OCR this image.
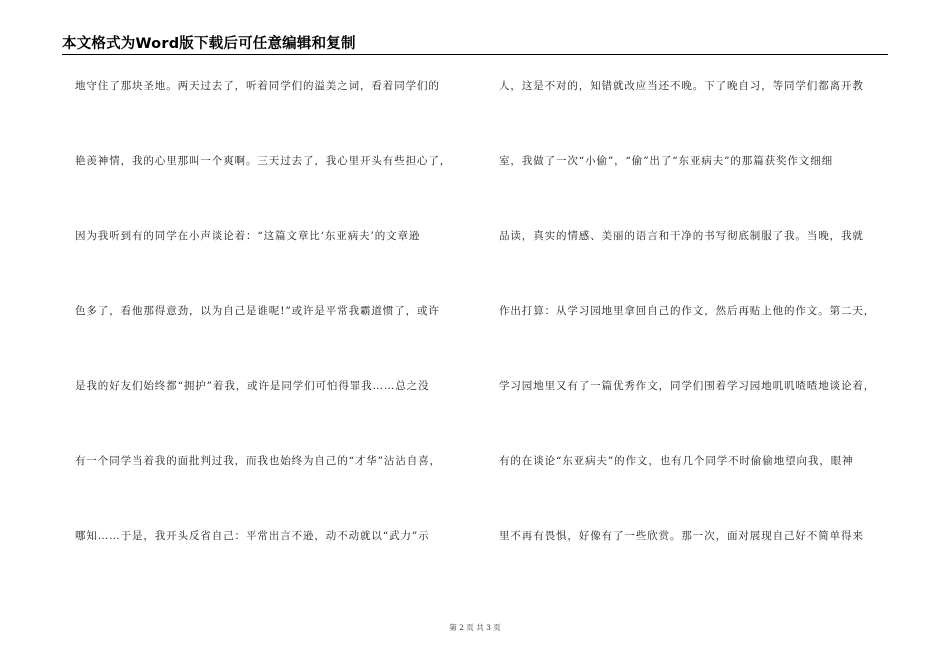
本文格式为Word版下载后可任意编辑和复制
地守住了那块圣地。两天过去了，听着同学们的溢美之词，看着同学们的
艳羡神情，我的心里那叫一个爽啊。三天过去了，我心里开头有些担心了，
因为我听到有的同学在小声谈论着：“这篇文章比‘东亚病夫’的文章逊
色多了，看他那得意劲，以为自己是谁呢!”或许是平常我霸道惯了，或许
是我的好友们始终都“拥护”着我，或许是同学们可怕得罪我……总之没
有一个同学当着我的面批判过我，而我也始终为自己的“才华”沾沾自喜，
哪知……于是，我开头反省自己：平常出言不逊，动不动就以“武力”示
人，这是不对的，知错就改应当还不晚。下了晚自习，等同学们都离开教
室，我做了一次“小偷”，“偷”出了“东亚病夫”的那篇获奖作文细细
品读，真实的情感、美丽的语言和干净的书写彻底制服了我。当晚，我就
作出打算：从学习园地里拿回自己的作文，然后再贴上他的作文。第二天，
学习园地里又有了一篇优秀作文，同学们围着学习园地叽叽喳喳地谈论着，
有的在谈论“东亚病夫”的作文，也有几个同学不时偷偷地望向我，眼神
里不再有畏惧，好像有了一些欣赏。那一次，面对展现自己好不简单得来
第 2 页 共 3 页
